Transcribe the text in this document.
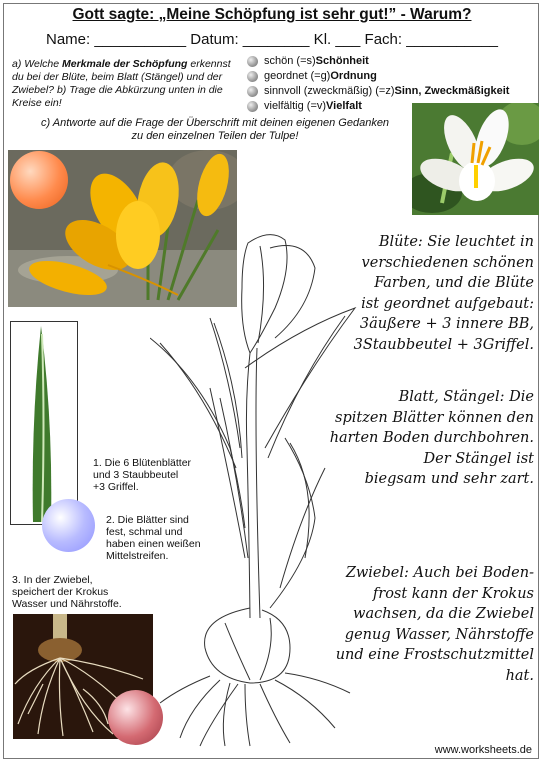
Gott sagte: „Meine Schöpfung ist sehr gut!” - Warum?
Name: ___________ Datum: ________ Kl. ___ Fach: ___________
a) Welche Merkmale der Schöpfung erkennst du bei der Blüte, beim Blatt (Stängel) und der Zwiebel? b) Trage die Abkürzung unten in die Kreise ein!
schön (=s) Schönheit
geordnet (=g) Ordnung
sinnvoll (zweckmäßig) (=z) Sinn, Zweckmäßigkeit
vielfältig (=v) Vielfalt
c) Antworte auf die Frage der Überschrift mit deinen eigenen Gedanken zu den einzelnen Teilen der Tulpe!
1. Die 6 Blütenblätter
und 3 Staubbeutel
+3 Griffel.
2. Die Blätter sind
fest, schmal und
haben einen weißen
Mittelstreifen.
3. In der Zwiebel,
speichert der Krokus
Wasser und Nährstoffe.
Blüte: Sie leuchtet in
verschiedenen schönen
Farben, und die Blüte
ist geordnet aufgebaut:
3äußere + 3 innere BB,
3Staubbeutel + 3Griffel.
Blatt, Stängel: Die
spitzen Blätter können den
harten Boden durchbohren.
Der Stängel ist
biegsam und sehr zart.
Zwiebel: Auch bei Boden-
frost kann der Krokus
wachsen, da die Zwiebel
genug Wasser, Nährstoffe
und eine Frostschutzmittel
hat.
www.worksheets.de
